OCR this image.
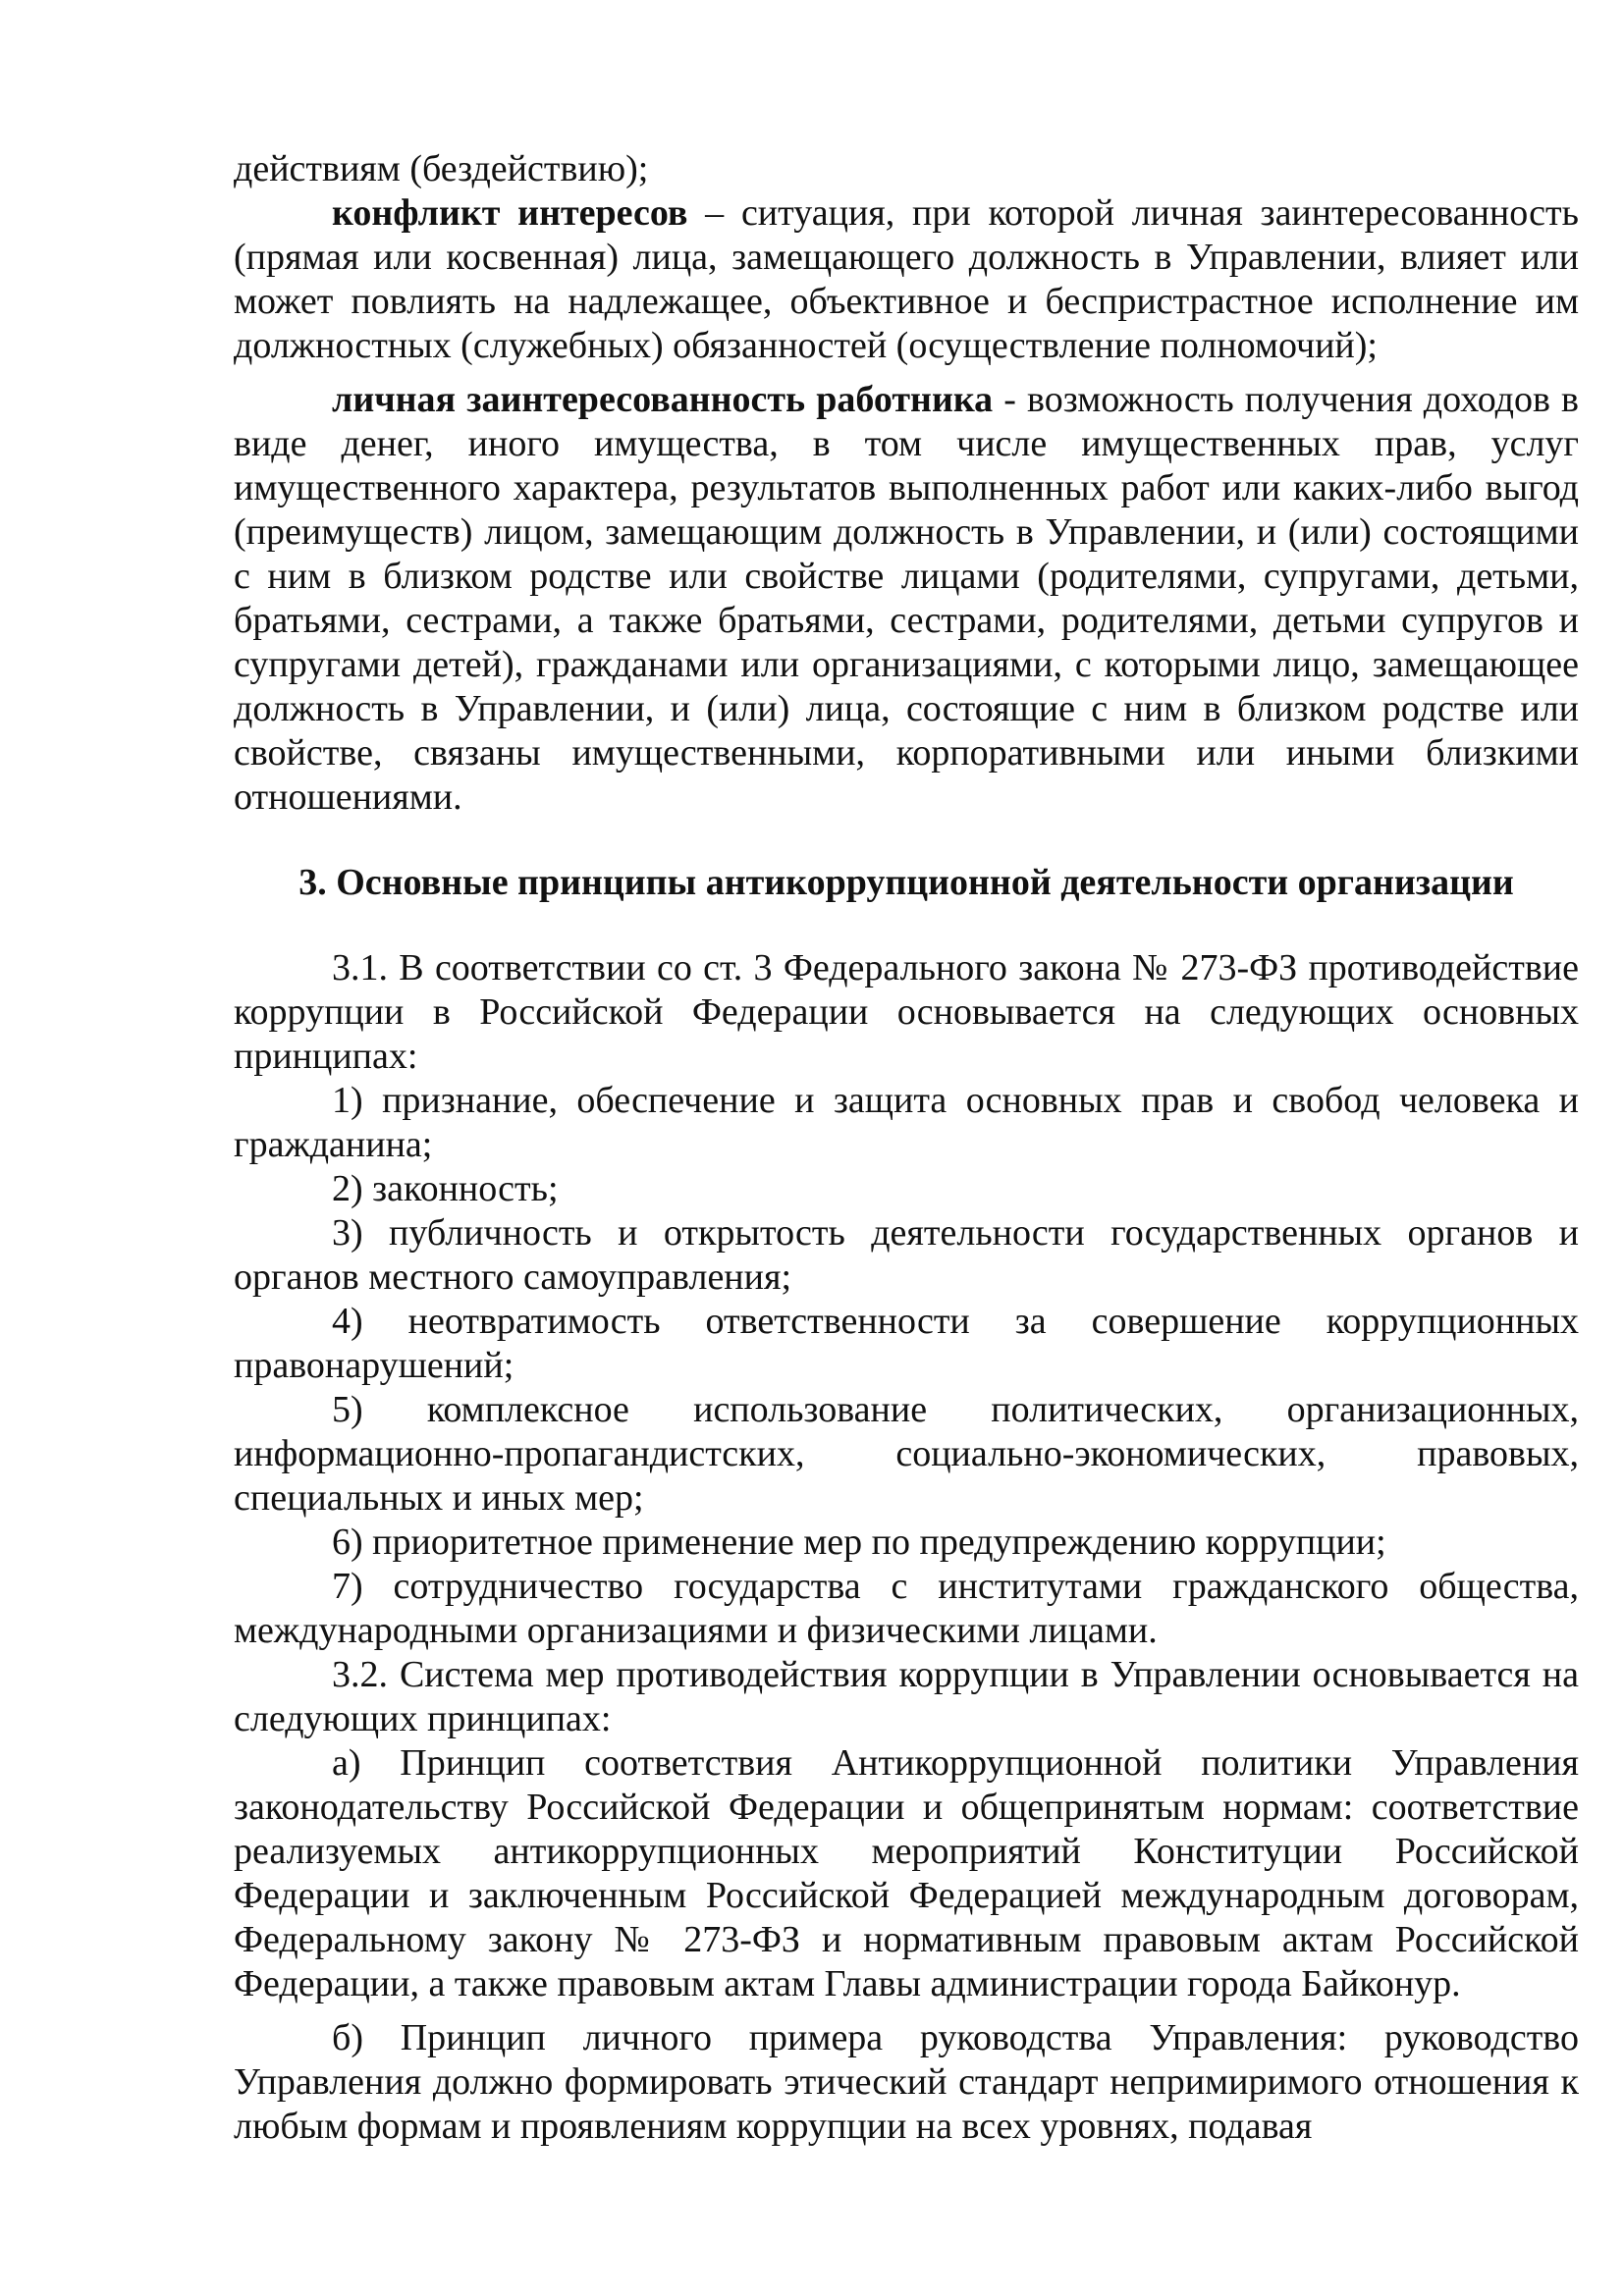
действиям (бездействию);

конфликт интересов – ситуация, при которой личная заинтересованность (прямая или косвенная) лица, замещающего должность в Управлении, влияет или может повлиять на надлежащее, объективное и беспристрастное исполнение им должностных (служебных) обязанностей (осуществление полномочий);

личная заинтересованность работника - возможность получения доходов в виде денег, иного имущества, в том числе имущественных прав, услуг имущественного характера, результатов выполненных работ или каких-либо выгод (преимуществ) лицом, замещающим должность в Управлении, и (или) состоящими с ним в близком родстве или свойстве лицами (родителями, супругами, детьми, братьями, сестрами, а также братьями, сестрами, родителями, детьми супругов и супругами детей), гражданами или организациями, с которыми лицо, замещающее должность в Управлении, и (или) лица, состоящие с ним в близком родстве или свойстве, связаны имущественными, корпоративными или иными близкими отношениями.

3. Основные принципы антикоррупционной деятельности организации

3.1. В соответствии со ст. 3 Федерального закона № 273-ФЗ противодействие коррупции в Российской Федерации основывается на следующих основных принципах:

1) признание, обеспечение и защита основных прав и свобод человека и гражданина;

2) законность;

3) публичность и открытость деятельности государственных органов и органов местного самоуправления;

4) неотвратимость ответственности за совершение коррупционных правонарушений;

5) комплексное использование политических, организационных, информационно-пропагандистских, социально-экономических, правовых, специальных и иных мер;

6) приоритетное применение мер по предупреждению коррупции;

7) сотрудничество государства с институтами гражданского общества, международными организациями и физическими лицами.

3.2. Система мер противодействия коррупции в Управлении основывается на следующих принципах:

а) Принцип соответствия Антикоррупционной политики Управления законодательству Российской Федерации и общепринятым нормам: соответствие реализуемых антикоррупционных мероприятий Конституции Российской Федерации и заключенным Российской Федерацией международным договорам, Федеральному закону № 273-ФЗ и нормативным правовым актам Российской Федерации, а также правовым актам Главы администрации города Байконур.

б) Принцип личного примера руководства Управления: руководство Управления должно формировать этический стандарт непримиримого отношения к любым формам и проявлениям коррупции на всех уровнях, подавая
